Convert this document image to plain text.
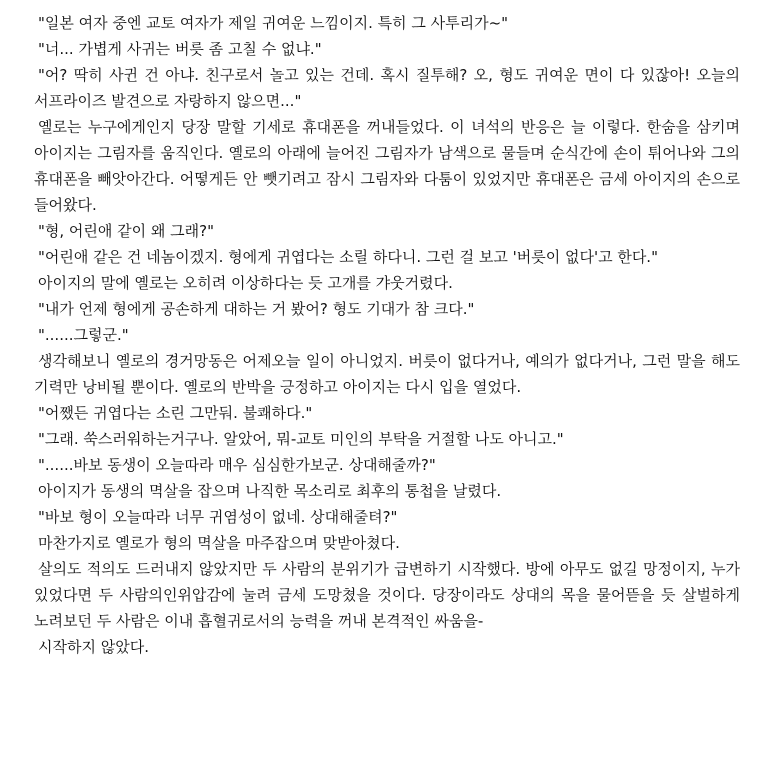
"일본 여자 중엔 교토 여자가 제일 귀여운 느낌이지. 특히 그 사투리가~"

"너... 가볍게 사귀는 버릇 좀 고칠 수 없냐."

"어? 딱히 사귄 건 아냐. 친구로서 놀고 있는 건데. 혹시 질투해? 오, 형도 귀여운 면이 다 있잖아! 오늘의 서프라이즈 발견으로 자랑하지 않으면..."

옐로는 누구에게인지 당장 말할 기세로 휴대폰을 꺼내들었다. 이 녀석의 반응은 늘 이렇다. 한숨을 삼키며 아이지는 그림자를 움직인다. 옐로의 아래에 늘어진 그림자가 남색으로 물들며 순식간에 손이 튀어나와 그의 휴대폰을 빼앗아간다. 어떻게든 안 뺏기려고 잠시 그림자와 다툼이 있었지만 휴대폰은 금세 아이지의 손으로 들어왔다.

"형, 어린애 같이 왜 그래?"

"어린애 같은 건 네놈이겠지. 형에게 귀엽다는 소릴 하다니. 그런 걸 보고 '버릇이 없다'고 한다."

아이지의 말에 옐로는 오히려 이상하다는 듯 고개를 갸웃거렸다.

"내가 언제 형에게 공손하게 대하는 거 봤어? 형도 기대가 참 크다."

"......그렇군."

생각해보니 옐로의 경거망동은 어제오늘 일이 아니었지. 버릇이 없다거나, 예의가 없다거나, 그런 말을 해도 기력만 낭비될 뿐이다. 옐로의 반박을 긍정하고 아이지는 다시 입을 열었다.

"어쨌든 귀엽다는 소린 그만둬. 불쾌하다."

"그래. 쑥스러워하는거구나. 알았어, 뭐-교토 미인의 부탁을 거절할 나도 아니고."

"......바보 동생이 오늘따라 매우 심심한가보군. 상대해줄까?"

아이지가 동생의 멱살을 잡으며 나직한 목소리로 최후의 통첩을 날렸다.

"바보 형이 오늘따라 너무 귀염성이 없네. 상대해줄텨?"

마찬가지로 옐로가 형의 멱살을 마주잡으며 맞받아쳤다.

살의도 적의도 드러내지 않았지만 두 사람의 분위기가 급변하기 시작했다. 방에 아무도 없길 망정이지, 누가 있었다면 두 사람의인위압감에 눌려 금세 도망쳤을 것이다. 당장이라도 상대의 목을 물어뜯을 듯 살벌하게 노려보던 두 사람은 이내 흡혈귀로서의 능력을 꺼내 본격적인 싸움을-

시작하지 않았다.
